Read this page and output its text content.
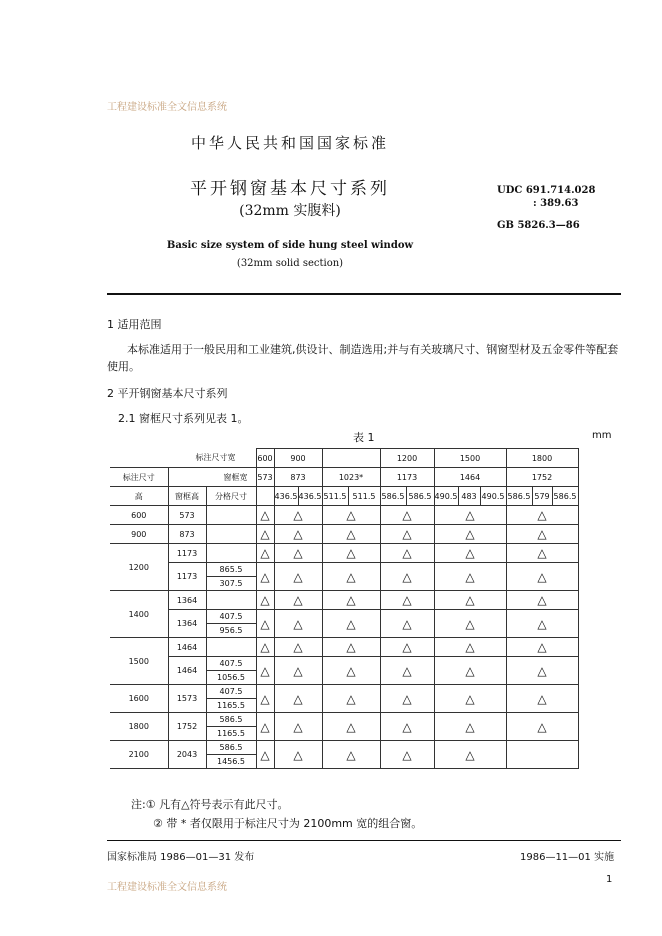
工程建设标准全文信息系统
中华人民共和国国家标准
平开钢窗基本尺寸系列
(32mm 实腹料)
Basic size system of side hung steel window
(32mm solid section)
UDC 691.714.028
: 389.63
GB 5826.3—86
1 适用范围
本标准适用于一般民用和工业建筑,供设计、制造选用;并与有关玻璃尺寸、钢窗型材及五金零件等配套使用。
2 平开钢窗基本尺寸系列
2.1 窗框尺寸系列见表 1。
表 1	mm
标注尺寸宽			600	900				1200		1500			1800		
标注尺寸	窗框宽		573	873		1023*		1173		1464			1752		
高	窗框高	分格尺寸		436.5	436.5	511.5	511.5	586.5	586.5	490.5	483	490.5	586.5	579	586.5
600	573		△	△		△		△		△			△		
900	873		△	△		△		△		△			△		
1200	1173		△	△		△		△		△			△		
	1173	865.5	△	△		△		△		△			△		
		307.5													
1400	1364		△	△		△		△		△			△		
	1364	407.5	△	△		△		△		△			△		
		956.5													
1500	1464		△	△		△		△		△			△		
	1464	407.5	△	△		△		△		△			△		
		1056.5													
1600	1573	407.5	△	△		△		△		△			△		
		1165.5													
1800	1752	586.5	△	△		△		△		△			△		
		1165.5													
2100	2043	586.5	△	△		△		△		△					
		1456.5													
注:① 凡有△符号表示有此尺寸。
② 带 * 者仅限用于标注尺寸为 2100mm 宽的组合窗。
国家标准局 1986—01—31 发布	1986—11—01 实施
工程建设标准全文信息系统
1
